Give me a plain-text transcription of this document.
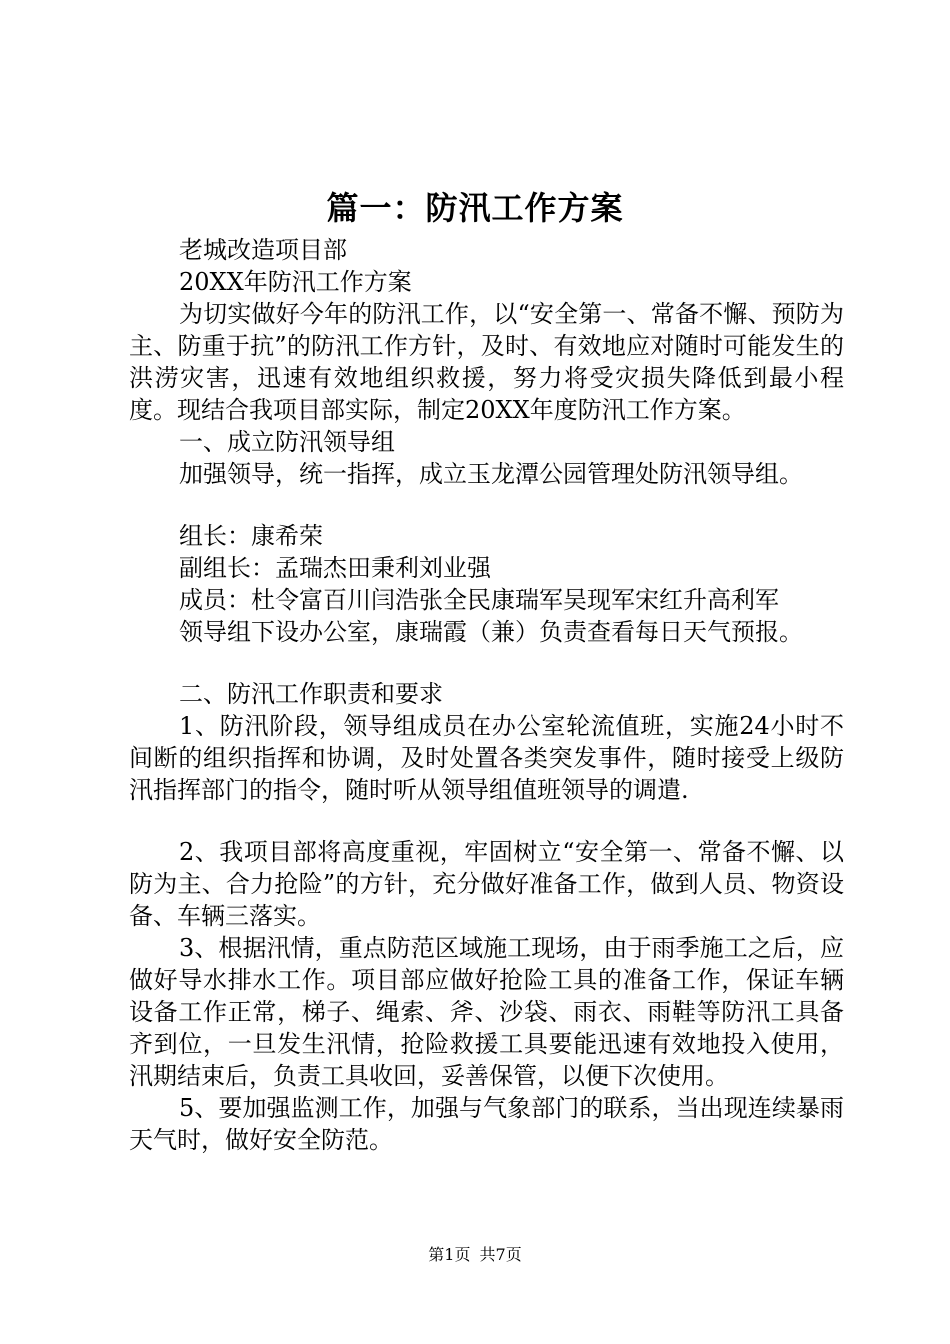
篇一：防汛工作方案

老城改造项目部

20XX年防汛工作方案

为切实做好今年的防汛工作，以“安全第一、常备不懈、预防为主、防重于抗”的防汛工作方针，及时、有效地应对随时可能发生的洪涝灾害，迅速有效地组织救援，努力将受灾损失降低到最小程度。现结合我项目部实际，制定20XX年度防汛工作方案。

一、成立防汛领导组

加强领导，统一指挥，成立玉龙潭公园管理处防汛领导组。

组长：康希荣

副组长：孟瑞杰田秉利刘业强

成员：杜令富百川闫浩张全民康瑞军吴现军宋红升高利军

领导组下设办公室，康瑞霞（兼）负责查看每日天气预报。

二、防汛工作职责和要求

1、防汛阶段，领导组成员在办公室轮流值班，实施24小时不间断的组织指挥和协调，及时处置各类突发事件，随时接受上级防汛指挥部门的指令，随时听从领导组值班领导的调遣.

2、我项目部将高度重视，牢固树立“安全第一、常备不懈、以防为主、合力抢险”的方针，充分做好准备工作，做到人员、物资设备、车辆三落实。

3、根据汛情，重点防范区域施工现场，由于雨季施工之后，应做好导水排水工作。项目部应做好抢险工具的准备工作，保证车辆设备工作正常，梯子、绳索、斧、沙袋、雨衣、雨鞋等防汛工具备齐到位，一旦发生汛情，抢险救援工具要能迅速有效地投入使用，汛期结束后，负责工具收回，妥善保管，以便下次使用。

5、要加强监测工作，加强与气象部门的联系，当出现连续暴雨天气时，做好安全防范。

第1页 共7页
